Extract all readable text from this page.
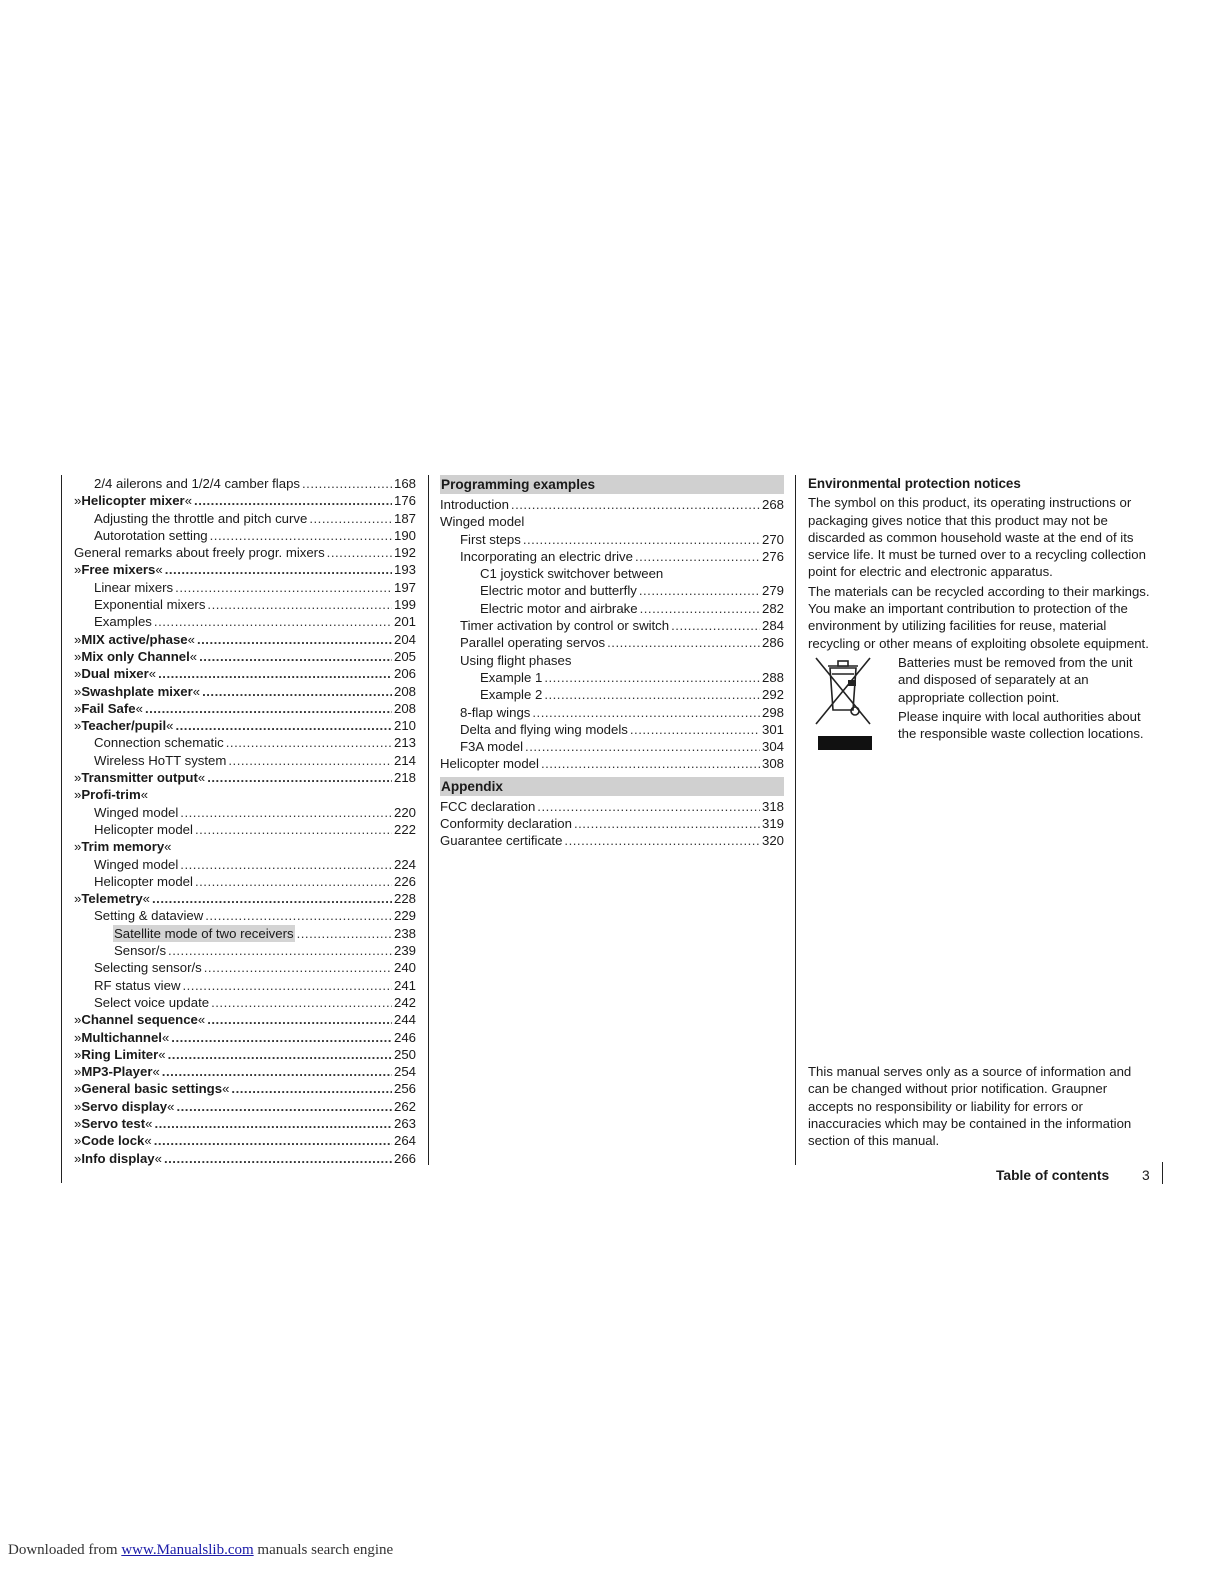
2/4 ailerons and 1/2/4 camber flaps .....	168
»Helicopter mixer« .....	176
Adjusting the throttle and pitch curve .....	187
Autorotation setting .....	190
General remarks about freely progr. mixers .....	192
»Free mixers« .....	193
Linear mixers .....	197
Exponential mixers .....	199
Examples .....	201
»MIX active/phase« .....	204
»Mix only Channel« .....	205
»Dual mixer« .....	206
»Swashplate mixer« .....	208
»Fail Safe« .....	208
»Teacher/pupil« .....	210
Connection schematic .....	213
Wireless HoTT system .....	214
»Transmitter output« .....	218
»Profi-trim«
Winged model .....	220
Helicopter model .....	222
»Trim memory«
Winged model .....	224
Helicopter model .....	226
»Telemetry« .....	228
Setting & dataview .....	229
Satellite mode of two receivers .....	238
Sensor/s .....	239
Selecting sensor/s .....	240
RF status view .....	241
Select voice update .....	242
»Channel sequence« .....	244
»Multichannel« .....	246
»Ring Limiter« .....	250
»MP3-Player« .....	254
»General basic settings« .....	256
»Servo display« .....	262
»Servo test« .....	263
»Code lock« .....	264
»Info display« .....	266
Programming examples
Introduction .....	268
Winged model
First steps .....	270
Incorporating an electric drive .....	276
C1 joystick switchover between
Electric motor and butterfly .....	279
Electric motor and airbrake .....	282
Timer activation by control or switch .....	284
Parallel operating servos .....	286
Using flight phases
Example 1 .....	288
Example 2 .....	292
8-flap wings .....	298
Delta and flying wing models .....	301
F3A model .....	304
Helicopter model .....	308
Appendix
FCC declaration .....	318
Conformity declaration .....	319
Guarantee certificate .....	320
Environmental protection notices

The symbol on this product, its operating instructions or packaging gives notice that this product may not be discarded as common household waste at the end of its service life. It must be turned over to a recycling collection point for electric and electronic apparatus.

The materials can be recycled according to their markings. You make an important contribution to protection of the environment by utilizing facilities for reuse, material recycling or other means of exploiting obsolete equipment.

Batteries must be removed from the unit and disposed of separately at an appropriate collection point.

Please inquire with local authorities about the responsible waste collection locations.

This manual serves only as a source of information and can be changed without prior notification. Graupner accepts no responsibility or liability for errors or inaccuracies which may be contained in the information section of this manual.

Table of contents 3
Downloaded from www.Manualslib.com manuals search engine
